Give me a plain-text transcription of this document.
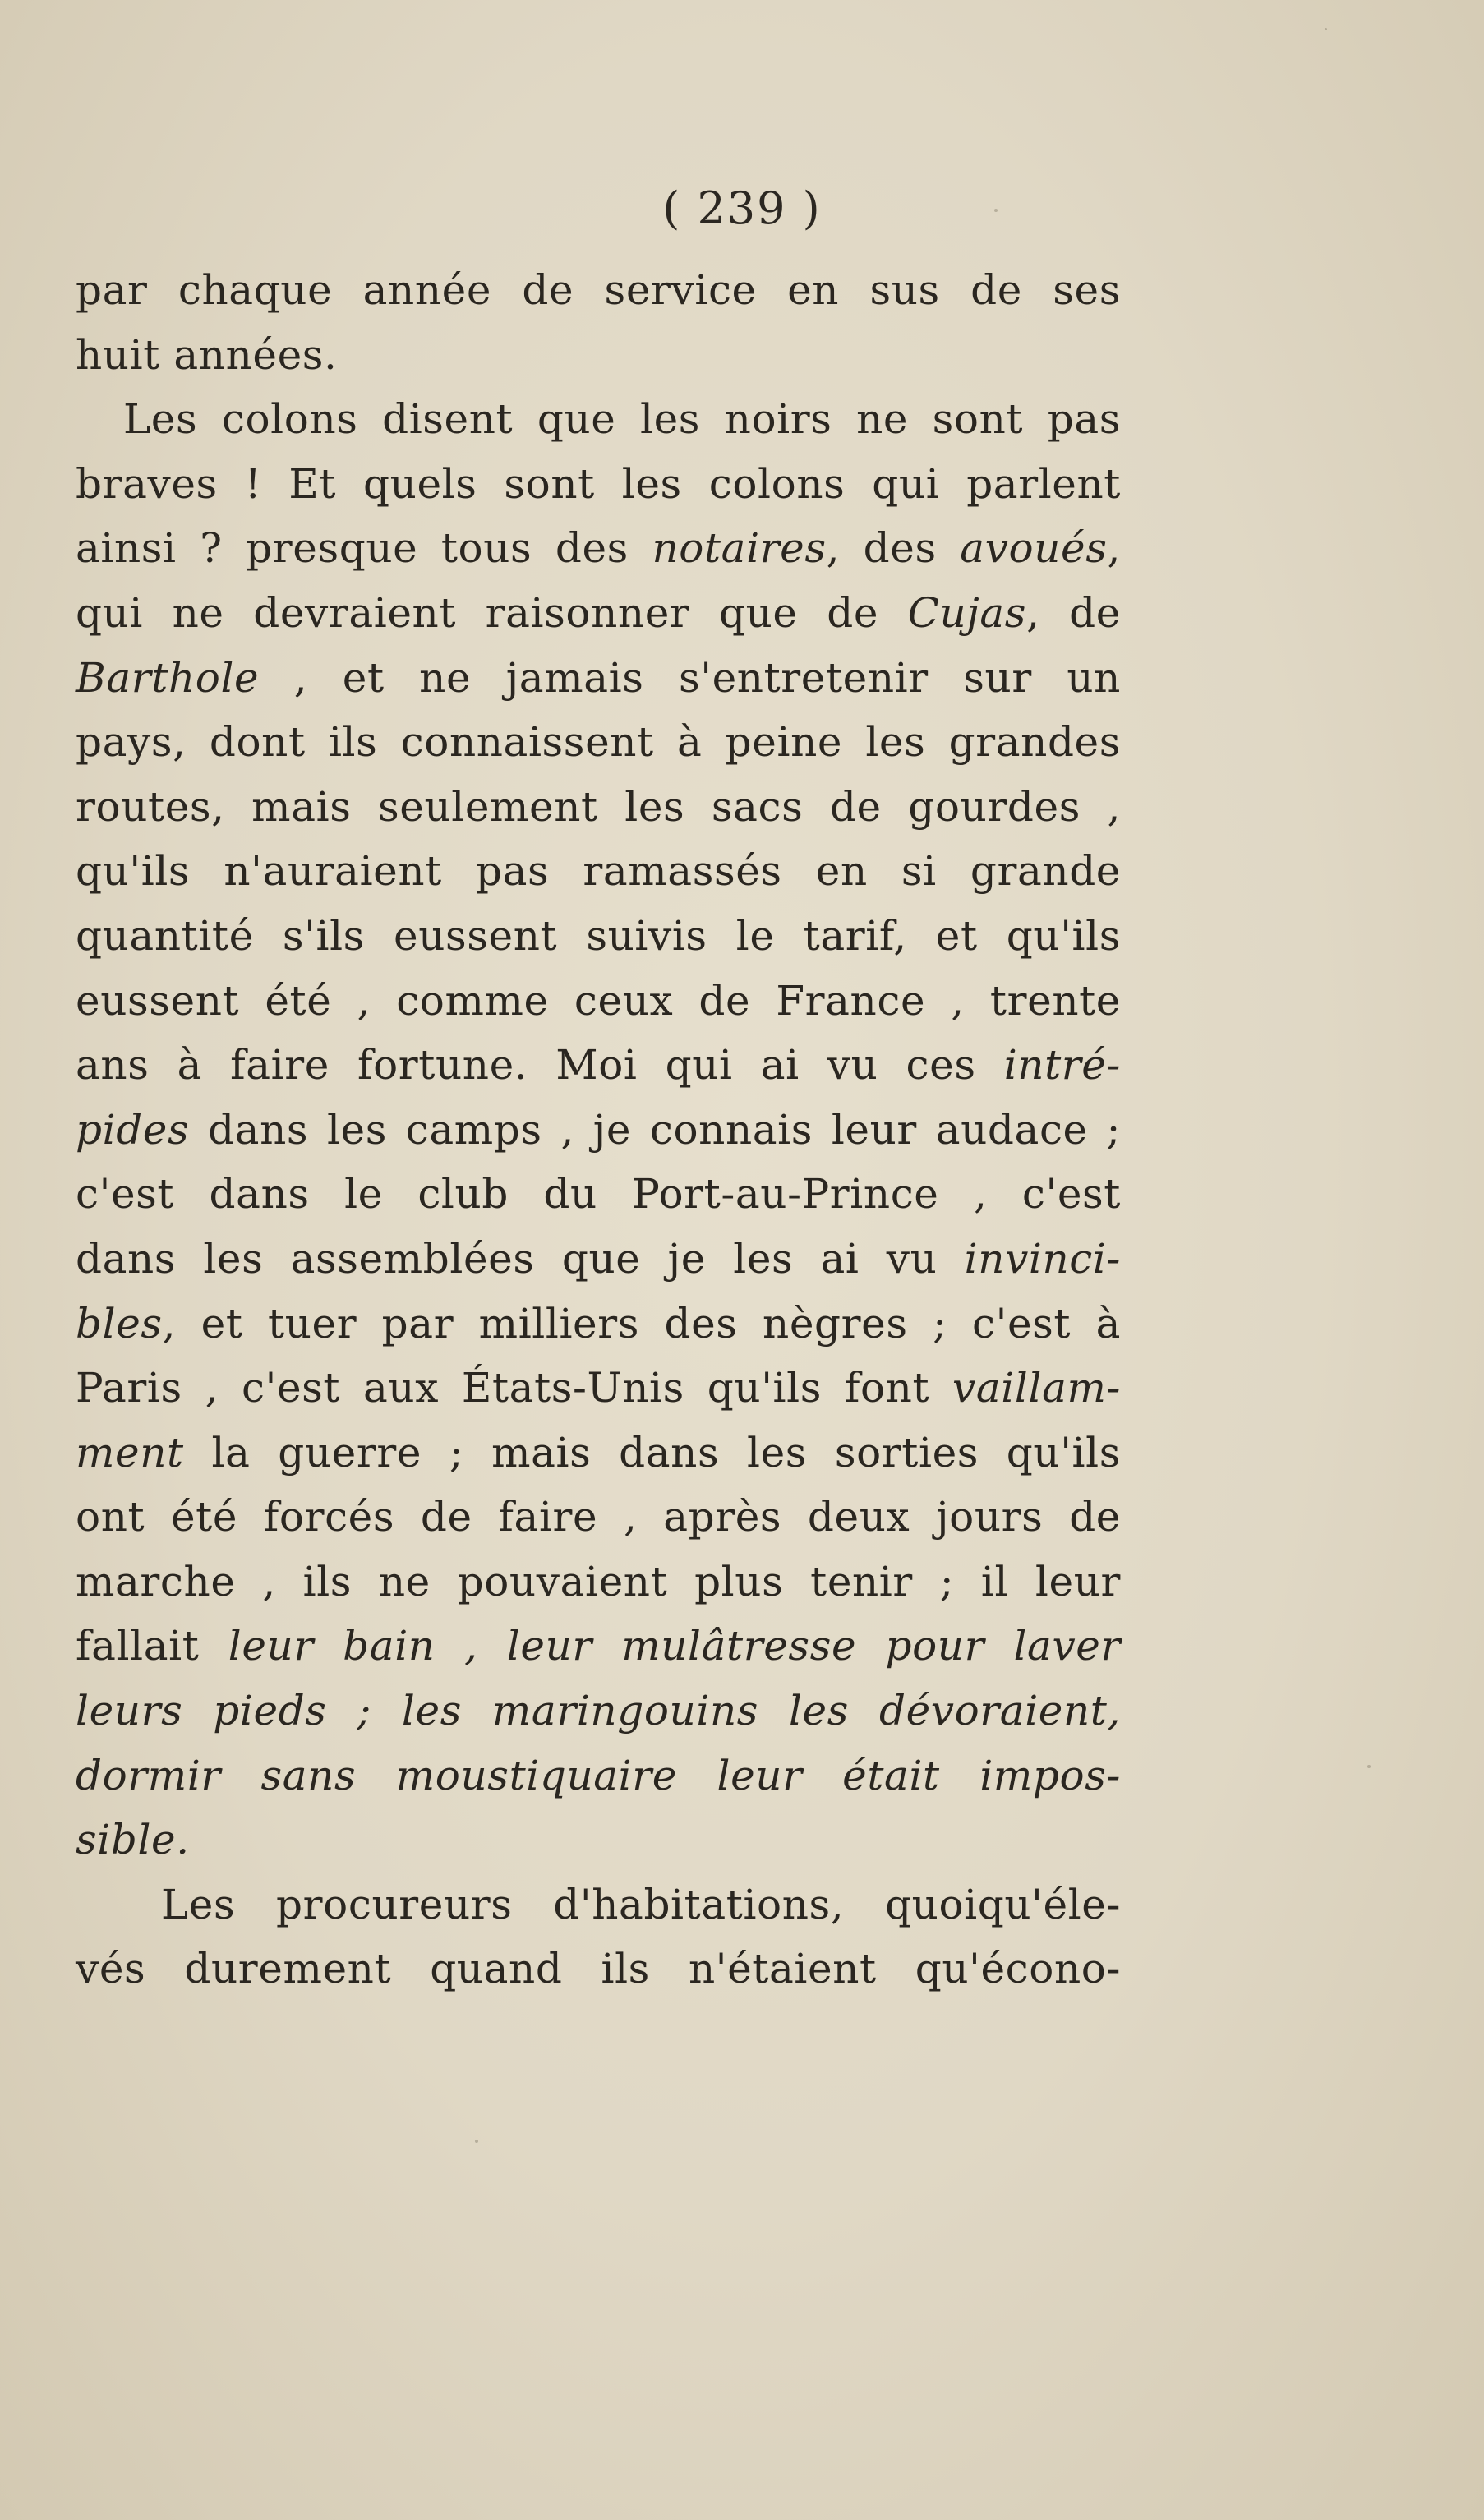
( 239 )
par chaque année de service en sus de ses
huit années.
Les colons disent que les noirs ne sont pas
braves ! Et quels sont les colons qui parlent
ainsi ? presque tous des notaires, des avoués,
qui ne devraient raisonner que de Cujas, de
Barthole , et ne jamais s'entretenir sur un
pays, dont ils connaissent à peine les grandes
routes, mais seulement les sacs de gourdes ,
qu'ils n'auraient pas ramassés en si grande
quantité s'ils eussent suivis le tarif, et qu'ils
eussent été , comme ceux de France , trente
ans à faire fortune. Moi qui ai vu ces intré-
pides dans les camps , je connais leur audace ;
c'est dans le club du Port-au-Prince , c'est
dans les assemblées que je les ai vu invinci-
bles, et tuer par milliers des nègres ; c'est à
Paris , c'est aux États-Unis qu'ils font vaillam-
ment la guerre ; mais dans les sorties qu'ils
ont été forcés de faire , après deux jours de
marche , ils ne pouvaient plus tenir ; il leur
fallait leur bain , leur mulâtresse pour laver
leurs pieds ; les maringouins les dévoraient,
dormir sans moustiquaire leur était impos-
sible.
Les procureurs d'habitations, quoiqu'éle-
vés durement quand ils n'étaient qu'écono-
